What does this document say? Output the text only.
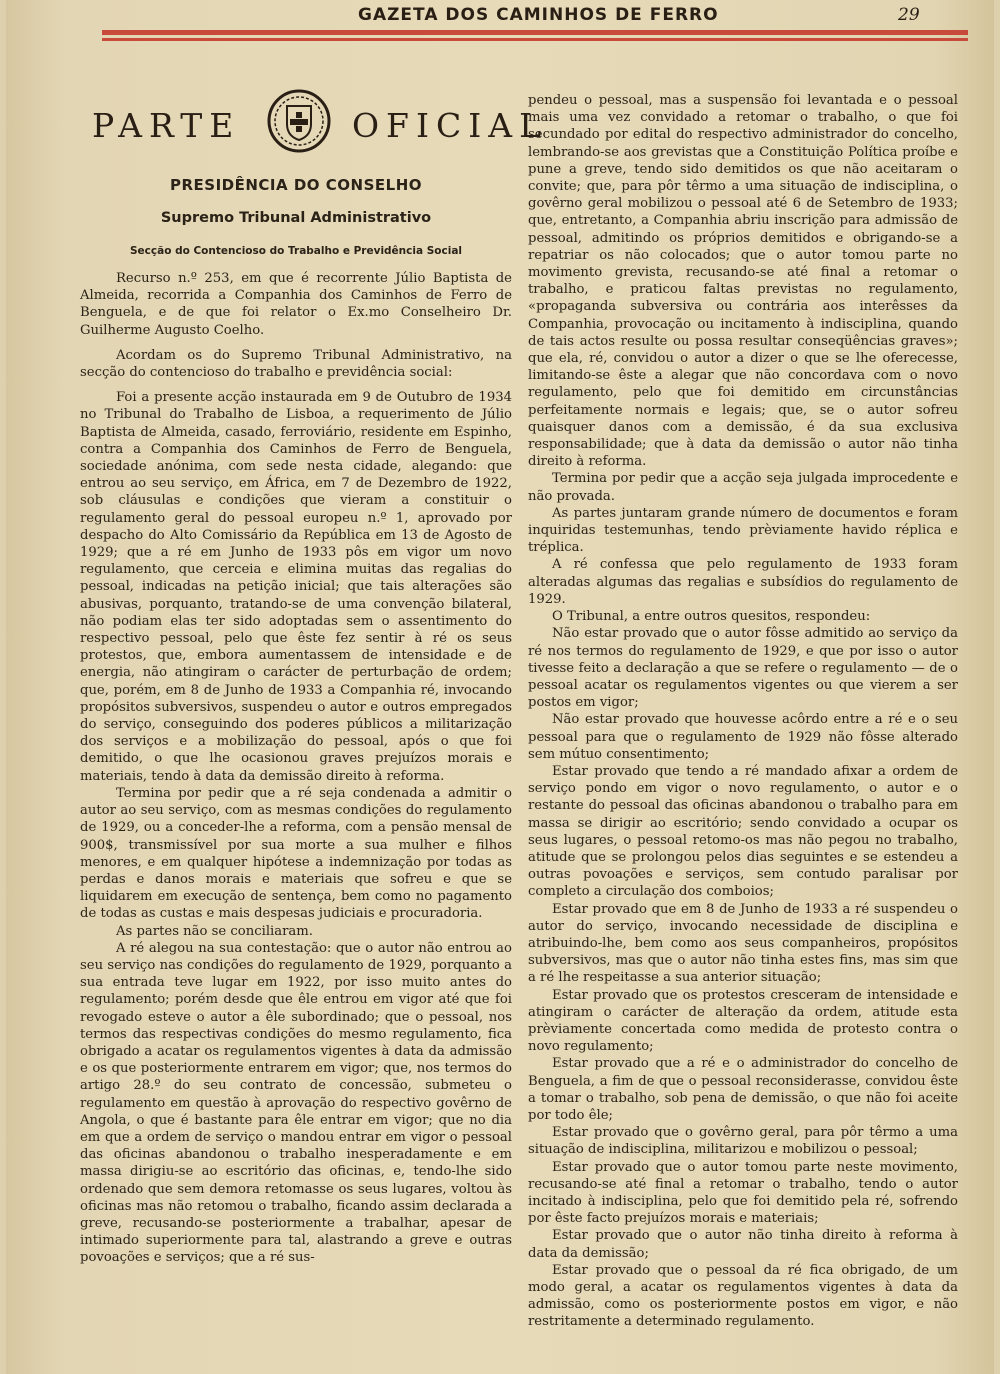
GAZETA DOS CAMINHOS DE FERRO	29
PARTE	OFICIAL
PRESIDÊNCIA DO CONSELHO
Supremo Tribunal Administrativo
Secção do Contencioso do Trabalho e Previdência Social

Recurso n.º 253, em que é recorrente Júlio Baptista de Almeida, recorrida a Companhia dos Caminhos de Ferro de Benguela, e de que foi relator o Ex.mo Conselheiro Dr. Guilherme Augusto Coelho.

Acordam os do Supremo Tribunal Administrativo, na secção do contencioso do trabalho e previdência social:

Foi a presente acção instaurada em 9 de Outubro de 1934 no Tribunal do Trabalho de Lisboa, a requerimento de Júlio Baptista de Almeida, casado, ferroviário, residente em Espinho, contra a Companhia dos Caminhos de Ferro de Benguela, sociedade anónima, com sede nesta cidade, alegando: que entrou ao seu serviço, em África, em 7 de Dezembro de 1922, sob cláusulas e condições que vieram a constituir o regulamento geral do pessoal europeu n.º 1, aprovado por despacho do Alto Comissário da República em 13 de Agosto de 1929; que a ré em Junho de 1933 pôs em vigor um novo regulamento, que cerceia e elimina muitas das regalias do pessoal, indicadas na petição inicial; que tais alterações são abusivas, porquanto, tratando-se de uma convenção bilateral, não podiam elas ter sido adoptadas sem o assentimento do respectivo pessoal, pelo que êste fez sentir à ré os seus protestos, que, embora aumentassem de intensidade e de energia, não atingiram o carácter de perturbação de ordem; que, porém, em 8 de Junho de 1933 a Companhia ré, invocando propósitos subversivos, suspendeu o autor e outros empregados do serviço, conseguindo dos poderes públicos a militarização dos serviços e a mobilização do pessoal, após o que foi demitido, o que lhe ocasionou graves prejuízos morais e materiais, tendo à data da demissão direito à reforma.

Termina por pedir que a ré seja condenada a admitir o autor ao seu serviço, com as mesmas condições do regulamento de 1929, ou a conceder-lhe a reforma, com a pensão mensal de 900$, transmissível por sua morte a sua mulher e filhos menores, e em qualquer hipótese a indemnização por todas as perdas e danos morais e materiais que sofreu e que se liquidarem em execução de sentença, bem como no pagamento de todas as custas e mais despesas judiciais e procuradoria.

As partes não se conciliaram.

A ré alegou na sua contestação: que o autor não entrou ao seu serviço nas condições do regulamento de 1929, porquanto a sua entrada teve lugar em 1922, por isso muito antes do regulamento; porém desde que êle entrou em vigor até que foi revogado esteve o autor a êle subordinado; que o pessoal, nos termos das respectivas condições do mesmo regulamento, fica obrigado a acatar os regulamentos vigentes à data da admissão e os que posteriormente entrarem em vigor; que, nos termos do artigo 28.º do seu contrato de concessão, submeteu o regulamento em questão à aprovação do respectivo govêrno de Angola, o que é bastante para êle entrar em vigor; que no dia em que a ordem de serviço o mandou entrar em vigor o pessoal das oficinas abandonou o trabalho inesperadamente e em massa dirigiu-se ao escritório das oficinas, e, tendo-lhe sido ordenado que sem demora retomasse os seus lugares, voltou às oficinas mas não retomou o trabalho, ficando assim declarada a greve, recusando-se posteriormente a trabalhar, apesar de intimado superiormente para tal, alastrando a greve e outras povoações e serviços; que a ré sus-

pendeu o pessoal, mas a suspensão foi levantada e o pessoal mais uma vez convidado a retomar o trabalho, o que foi secundado por edital do respectivo administrador do concelho, lembrando-se aos grevistas que a Constituição Política proíbe e pune a greve, tendo sido demitidos os que não aceitaram o convite; que, para pôr têrmo a uma situação de indisciplina, o govêrno geral mobilizou o pessoal até 6 de Setembro de 1933; que, entretanto, a Companhia abriu inscrição para admissão de pessoal, admitindo os próprios demitidos e obrigando-se a repatriar os não colocados; que o autor tomou parte no movimento grevista, recusando-se até final a retomar o trabalho, e praticou faltas previstas no regulamento, «propaganda subversiva ou contrária aos interêsses da Companhia, provocação ou incitamento à indisciplina, quando de tais actos resulte ou possa resultar conseqüências graves»; que ela, ré, convidou o autor a dizer o que se lhe oferecesse, limitando-se êste a alegar que não concordava com o novo regulamento, pelo que foi demitido em circunstâncias perfeitamente normais e legais; que, se o autor sofreu quaisquer danos com a demissão, é da sua exclusiva responsabilidade; que à data da demissão o autor não tinha direito à reforma.

Termina por pedir que a acção seja julgada improcedente e não provada.

As partes juntaram grande número de documentos e foram inquiridas testemunhas, tendo prèviamente havido réplica e tréplica.

A ré confessa que pelo regulamento de 1933 foram alteradas algumas das regalias e subsídios do regulamento de 1929.

O Tribunal, a entre outros quesitos, respondeu:

Não estar provado que o autor fôsse admitido ao serviço da ré nos termos do regulamento de 1929, e que por isso o autor tivesse feito a declaração a que se refere o regulamento — de o pessoal acatar os regulamentos vigentes ou que vierem a ser postos em vigor;

Não estar provado que houvesse acôrdo entre a ré e o seu pessoal para que o regulamento de 1929 não fôsse alterado sem mútuo consentimento;

Estar provado que tendo a ré mandado afixar a ordem de serviço pondo em vigor o novo regulamento, o autor e o restante do pessoal das oficinas abandonou o trabalho para em massa se dirigir ao escritório; sendo convidado a ocupar os seus lugares, o pessoal retomo-os mas não pegou no trabalho, atitude que se prolongou pelos dias seguintes e se estendeu a outras povoações e serviços, sem contudo paralisar por completo a circulação dos comboios;

Estar provado que em 8 de Junho de 1933 a ré suspendeu o autor do serviço, invocando necessidade de disciplina e atribuindo-lhe, bem como aos seus companheiros, propósitos subversivos, mas que o autor não tinha estes fins, mas sim que a ré lhe respeitasse a sua anterior situação;

Estar provado que os protestos cresceram de intensidade e atingiram o carácter de alteração da ordem, atitude esta prèviamente concertada como medida de protesto contra o novo regulamento;

Estar provado que a ré e o administrador do concelho de Benguela, a fim de que o pessoal reconsiderasse, convidou êste a tomar o trabalho, sob pena de demissão, o que não foi aceite por todo êle;

Estar provado que o govêrno geral, para pôr têrmo a uma situação de indisciplina, militarizou e mobilizou o pessoal;

Estar provado que o autor tomou parte neste movimento, recusando-se até final a retomar o trabalho, tendo o autor incitado à indisciplina, pelo que foi demitido pela ré, sofrendo por êste facto prejuízos morais e materiais;

Estar provado que o autor não tinha direito à reforma à data da demissão;

Estar provado que o pessoal da ré fica obrigado, de um modo geral, a acatar os regulamentos vigentes à data da admissão, como os posteriormente postos em vigor, e não restritamente a determinado regulamento.
